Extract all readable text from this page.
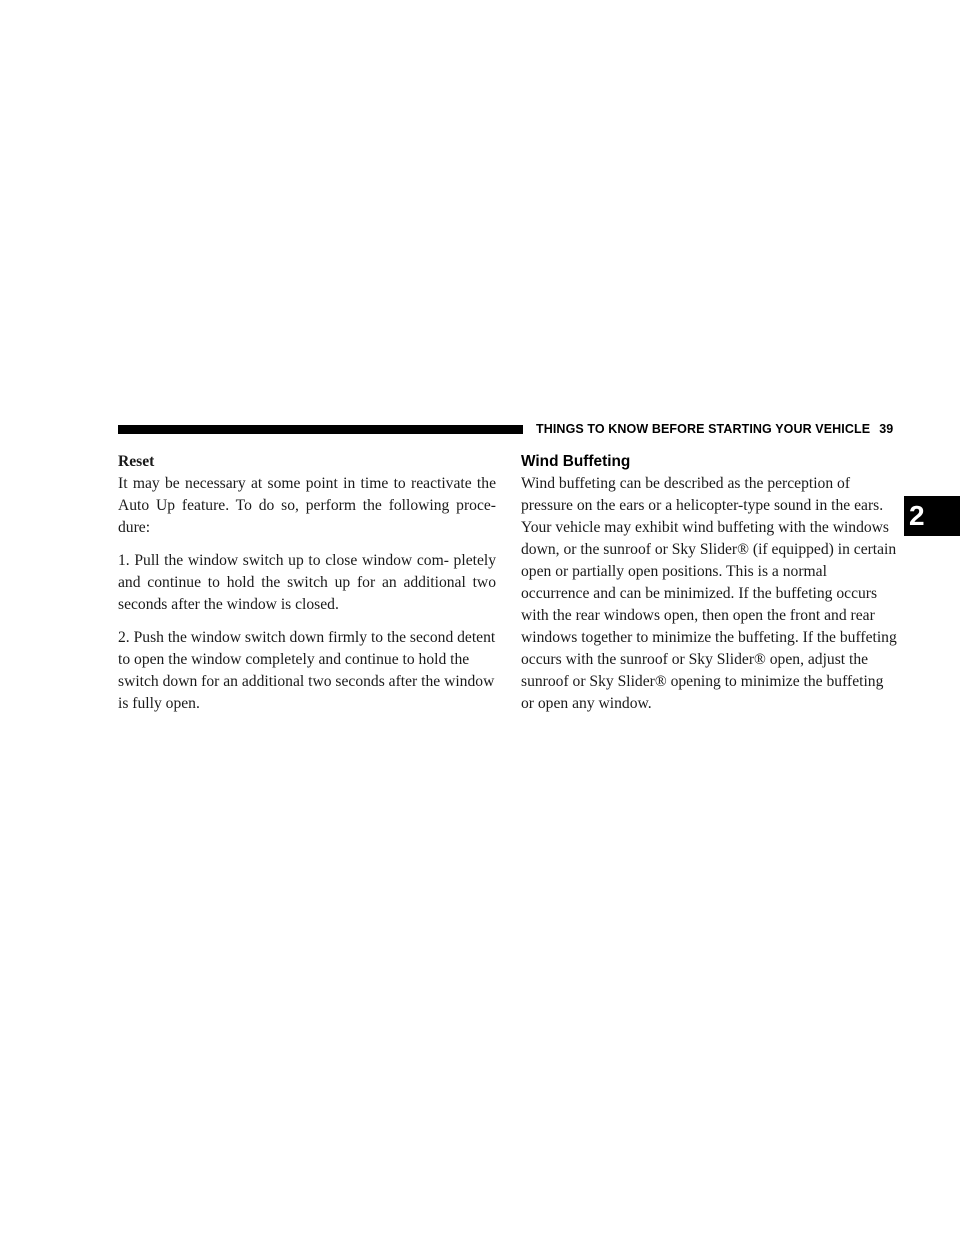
THINGS TO KNOW BEFORE STARTING YOUR VEHICLE 39
Reset

It may be necessary at some point in time to reactivate the Auto Up feature. To do so, perform the following proce- dure:

1. Pull the window switch up to close window com- pletely and continue to hold the switch up for an additional two seconds after the window is closed.

2. Push the window switch down firmly to the second detent to open the window completely and continue to hold the switch down for an additional two seconds after the window is fully open.

Wind Buffeting

Wind buffeting can be described as the perception of pressure on the ears or a helicopter-type sound in the ears. Your vehicle may exhibit wind buffeting with the windows down, or the sunroof or Sky Slider® (if equipped) in certain open or partially open positions. This is a normal occurrence and can be minimized. If the buffeting occurs with the rear windows open, then open the front and rear windows together to minimize the buffeting. If the buffeting occurs with the sunroof or Sky Slider® open, adjust the sunroof or Sky Slider® opening to minimize the buffeting or open any window.

2
